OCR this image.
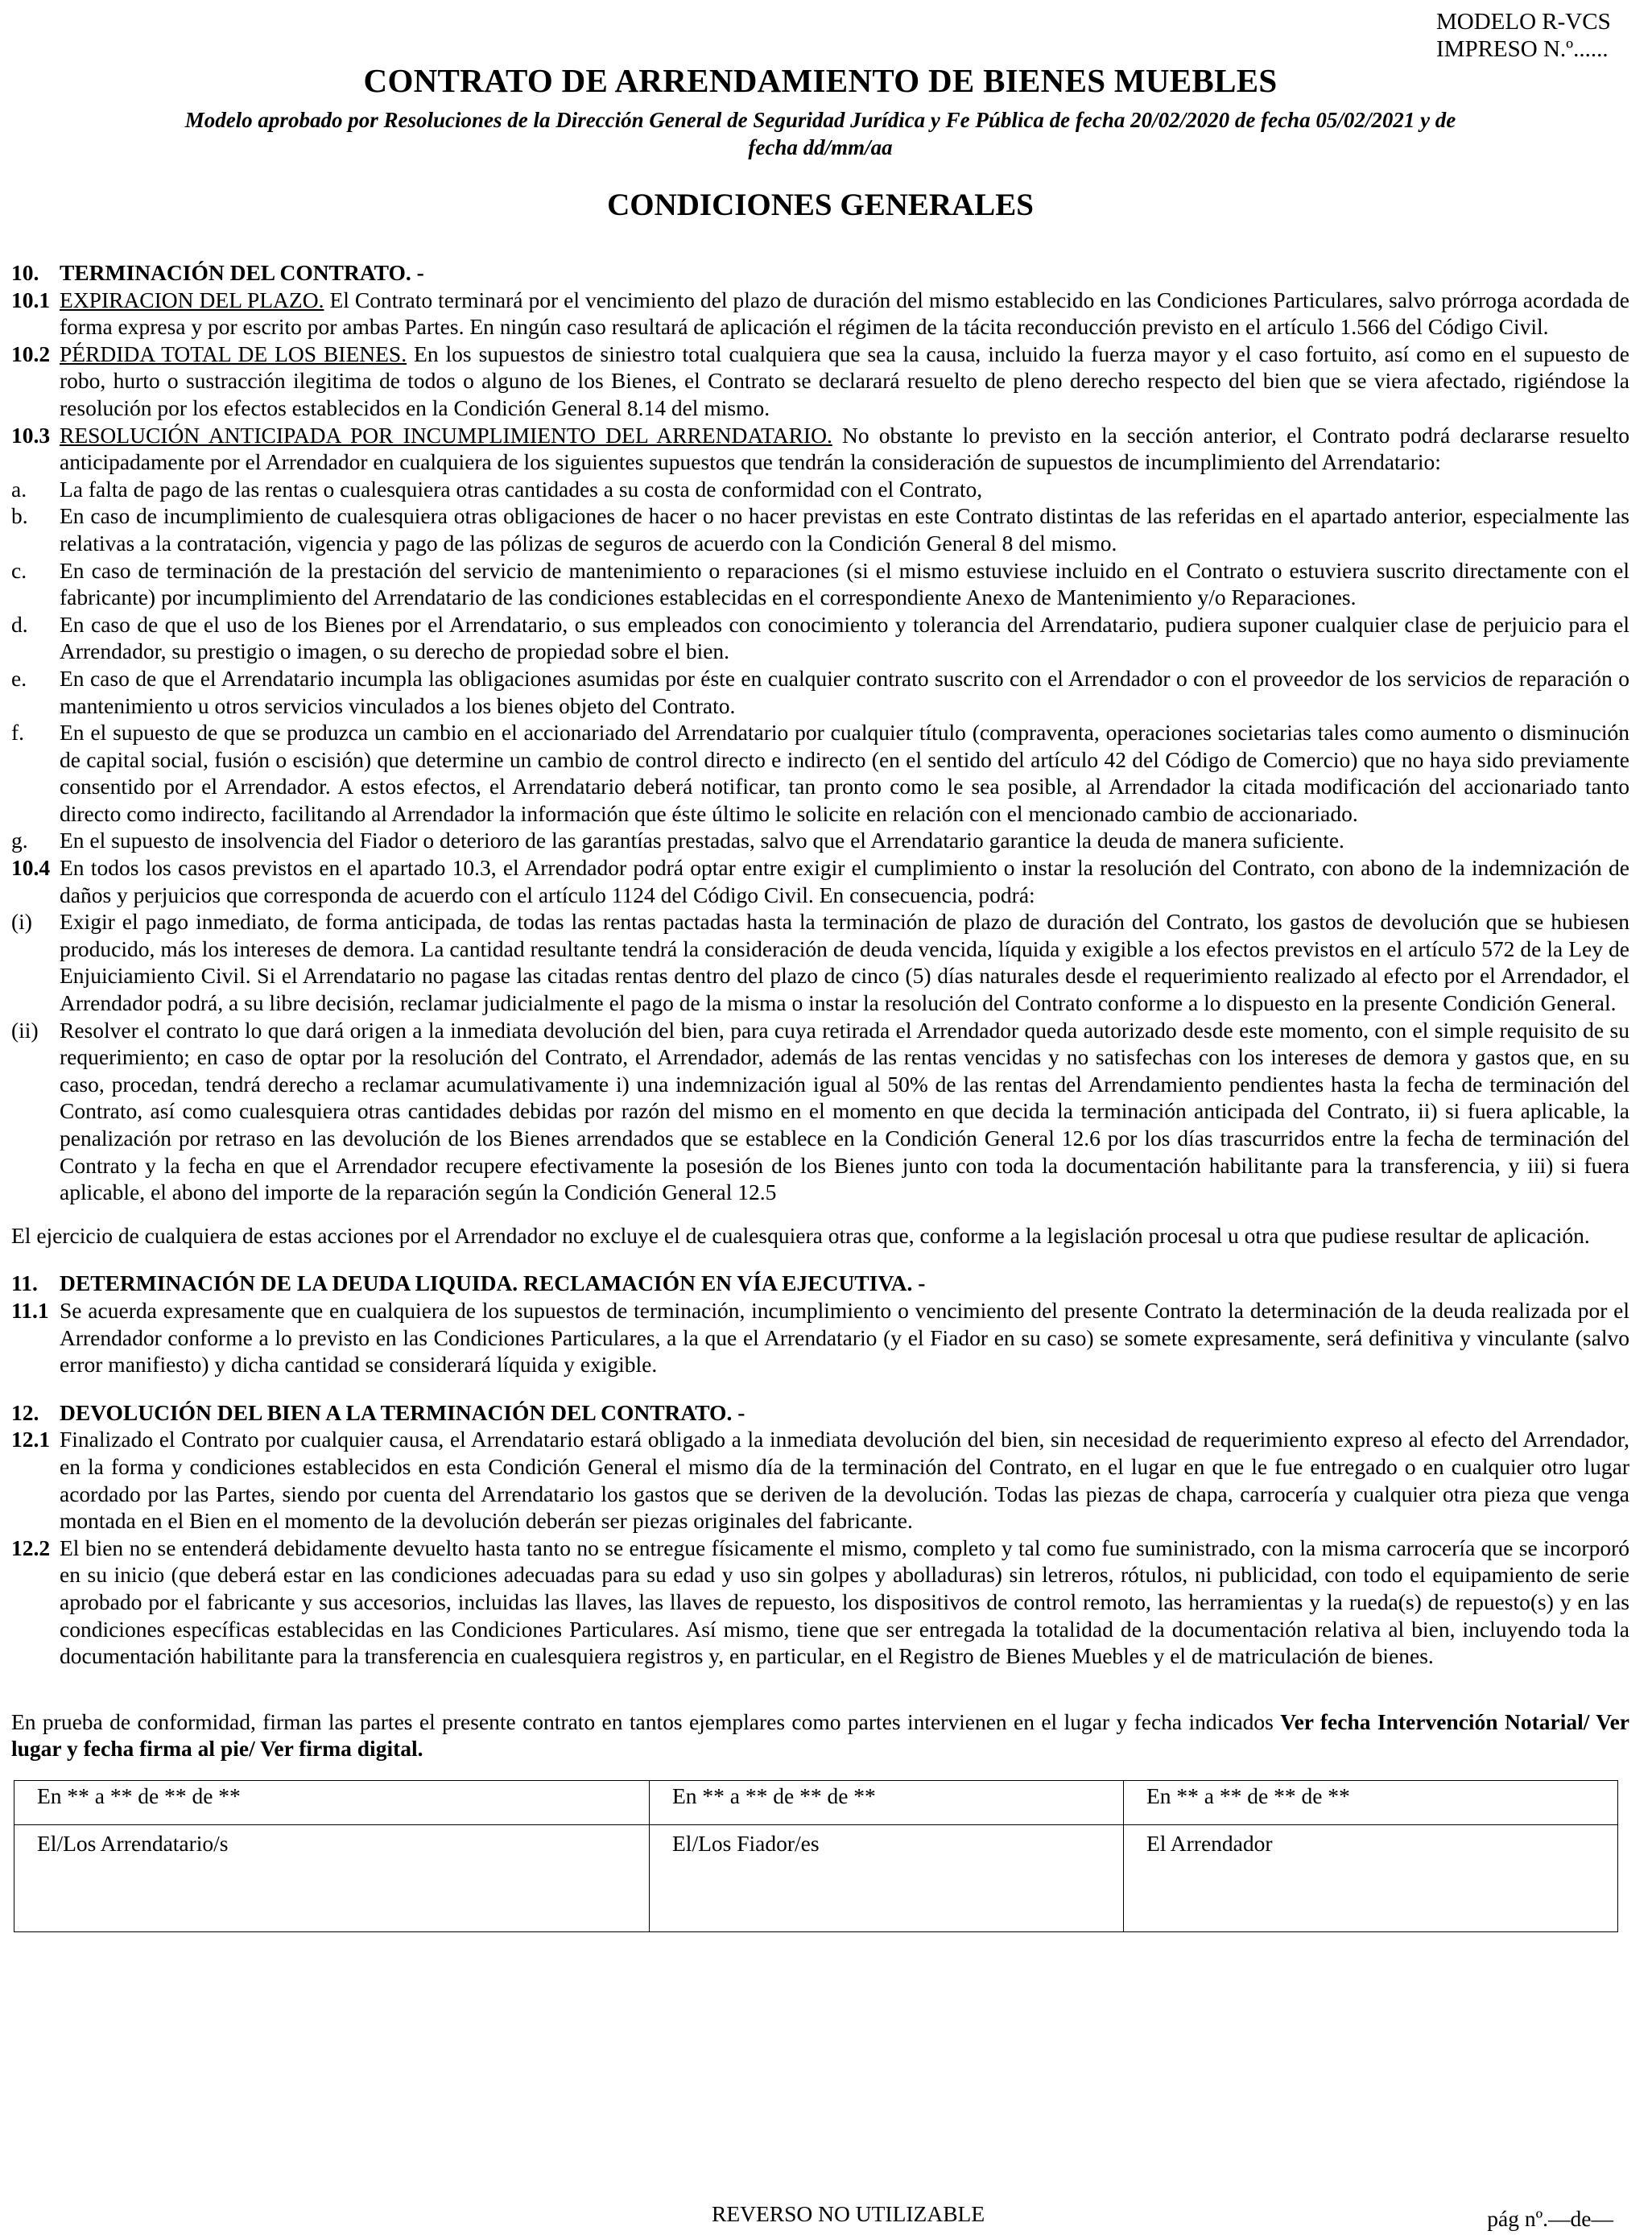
MODELO R-VCS
IMPRESO N.º......
CONTRATO DE ARRENDAMIENTO DE BIENES MUEBLES
Modelo aprobado por Resoluciones de la Dirección General de Seguridad Jurídica y Fe Pública de fecha 20/02/2020 de fecha 05/02/2021 y de fecha dd/mm/aa
CONDICIONES GENERALES

10. TERMINACIÓN DEL CONTRATO. -

10.1 EXPIRACION DEL PLAZO. El Contrato terminará por el vencimiento del plazo de duración del mismo establecido en las Condiciones Particulares, salvo prórroga acordada de forma expresa y por escrito por ambas Partes. En ningún caso resultará de aplicación el régimen de la tácita reconducción previsto en el artículo 1.566 del Código Civil.
10.2 PÉRDIDA TOTAL DE LOS BIENES. En los supuestos de siniestro total cualquiera que sea la causa, incluido la fuerza mayor y el caso fortuito, así como en el supuesto de robo, hurto o sustracción ilegitima de todos o alguno de los Bienes, el Contrato se declarará resuelto de pleno derecho respecto del bien que se viera afectado, rigiéndose la resolución por los efectos establecidos en la Condición General 8.14 del mismo.
10.3 RESOLUCIÓN ANTICIPADA POR INCUMPLIMIENTO DEL ARRENDATARIO. No obstante lo previsto en la sección anterior, el Contrato podrá declararse resuelto anticipadamente por el Arrendador en cualquiera de los siguientes supuestos que tendrán la consideración de supuestos de incumplimiento del Arrendatario:
a.	La falta de pago de las rentas o cualesquiera otras cantidades a su costa de conformidad con el Contrato,
b.	En caso de incumplimiento de cualesquiera otras obligaciones de hacer o no hacer previstas en este Contrato distintas de las referidas en el apartado anterior, especialmente las relativas a la contratación, vigencia y pago de las pólizas de seguros de acuerdo con la Condición General 8 del mismo.
c.	En caso de terminación de la prestación del servicio de mantenimiento o reparaciones (si el mismo estuviese incluido en el Contrato o estuviera suscrito directamente con el fabricante) por incumplimiento del Arrendatario de las condiciones establecidas en el correspondiente Anexo de Mantenimiento y/o Reparaciones.
d.	En caso de que el uso de los Bienes por el Arrendatario, o sus empleados con conocimiento y tolerancia del Arrendatario, pudiera suponer cualquier clase de perjuicio para el Arrendador, su prestigio o imagen, o su derecho de propiedad sobre el bien.
e.	En caso de que el Arrendatario incumpla las obligaciones asumidas por éste en cualquier contrato suscrito con el Arrendador o con el proveedor de los servicios de reparación o mantenimiento u otros servicios vinculados a los bienes objeto del Contrato.
f.	En el supuesto de que se produzca un cambio en el accionariado del Arrendatario por cualquier título (compraventa, operaciones societarias tales como aumento o disminución de capital social, fusión o escisión) que determine un cambio de control directo e indirecto (en el sentido del artículo 42 del Código de Comercio) que no haya sido previamente consentido por el Arrendador. A estos efectos, el Arrendatario deberá notificar, tan pronto como le sea posible, al Arrendador la citada modificación del accionariado tanto directo como indirecto, facilitando al Arrendador la información que éste último le solicite en relación con el mencionado cambio de accionariado.
g.	En el supuesto de insolvencia del Fiador o deterioro de las garantías prestadas, salvo que el Arrendatario garantice la deuda de manera suficiente.
10.4 En todos los casos previstos en el apartado 10.3, el Arrendador podrá optar entre exigir el cumplimiento o instar la resolución del Contrato, con abono de la indemnización de daños y perjuicios que corresponda de acuerdo con el artículo 1124 del Código Civil. En consecuencia, podrá:
(i)	Exigir el pago inmediato, de forma anticipada, de todas las rentas pactadas hasta la terminación de plazo de duración del Contrato, los gastos de devolución que se hubiesen producido, más los intereses de demora. La cantidad resultante tendrá la consideración de deuda vencida, líquida y exigible a los efectos previstos en el artículo 572 de la Ley de Enjuiciamiento Civil. Si el Arrendatario no pagase las citadas rentas dentro del plazo de cinco (5) días naturales desde el requerimiento realizado al efecto por el Arrendador, el Arrendador podrá, a su libre decisión, reclamar judicialmente el pago de la misma o instar la resolución del Contrato conforme a lo dispuesto en la presente Condición General.
(ii) Resolver el contrato lo que dará origen a la inmediata devolución del bien, para cuya retirada el Arrendador queda autorizado desde este momento, con el simple requisito de su requerimiento; en caso de optar por la resolución del Contrato, el Arrendador, además de las rentas vencidas y no satisfechas con los intereses de demora y gastos que, en su caso, procedan, tendrá derecho a reclamar acumulativamente i) una indemnización igual al 50% de las rentas del Arrendamiento pendientes hasta la fecha de terminación del Contrato, así como cualesquiera otras cantidades debidas por razón del mismo en el momento en que decida la terminación anticipada del Contrato, ii) si fuera aplicable, la penalización por retraso en las devolución de los Bienes arrendados que se establece en la Condición General 12.6 por los días trascurridos entre la fecha de terminación del Contrato y la fecha en que el Arrendador recupere efectivamente la posesión de los Bienes junto con toda la documentación habilitante para la transferencia, y iii) si fuera aplicable, el abono del importe de la reparación según la Condición General 12.5

El ejercicio de cualquiera de estas acciones por el Arrendador no excluye el de cualesquiera otras que, conforme a la legislación procesal u otra que pudiese resultar de aplicación.

11. DETERMINACIÓN DE LA DEUDA LIQUIDA. RECLAMACIÓN EN VÍA EJECUTIVA. -

11.1 Se acuerda expresamente que en cualquiera de los supuestos de terminación, incumplimiento o vencimiento del presente Contrato la determinación de la deuda realizada por el Arrendador conforme a lo previsto en las Condiciones Particulares, a la que el Arrendatario (y el Fiador en su caso) se somete expresamente, será definitiva y vinculante (salvo error manifiesto) y dicha cantidad se considerará líquida y exigible.

12. DEVOLUCIÓN DEL BIEN A LA TERMINACIÓN DEL CONTRATO. -

12.1 Finalizado el Contrato por cualquier causa, el Arrendatario estará obligado a la inmediata devolución del bien, sin necesidad de requerimiento expreso al efecto del Arrendador, en la forma y condiciones establecidos en esta Condición General el mismo día de la terminación del Contrato, en el lugar en que le fue entregado o en cualquier otro lugar acordado por las Partes, siendo por cuenta del Arrendatario los gastos que se deriven de la devolución. Todas las piezas de chapa, carrocería y cualquier otra pieza que venga montada en el Bien en el momento de la devolución deberán ser piezas originales del fabricante.
12.2 El bien no se entenderá debidamente devuelto hasta tanto no se entregue físicamente el mismo, completo y tal como fue suministrado, con la misma carrocería que se incorporó en su inicio (que deberá estar en las condiciones adecuadas para su edad y uso sin golpes y abolladuras) sin letreros, rótulos, ni publicidad, con todo el equipamiento de serie aprobado por el fabricante y sus accesorios, incluidas las llaves, las llaves de repuesto, los dispositivos de control remoto, las herramientas y la rueda(s) de repuesto(s) y en las condiciones específicas establecidas en las Condiciones Particulares. Así mismo, tiene que ser entregada la totalidad de la documentación relativa al bien, incluyendo toda la documentación habilitante para la transferencia en cualesquiera registros y, en particular, en el Registro de Bienes Muebles y el de matriculación de bienes.

En prueba de conformidad, firman las partes el presente contrato en tantos ejemplares como partes intervienen en el lugar y fecha indicados Ver fecha Intervención Notarial/ Ver lugar y fecha firma al pie/ Ver firma digital.

En ** a ** de ** de **	En ** a ** de ** de **	En ** a ** de ** de **
El/Los Arrendatario/s	El/Los Fiador/es	El Arrendador
REVERSO NO UTILIZABLE	pág nº.—de—
